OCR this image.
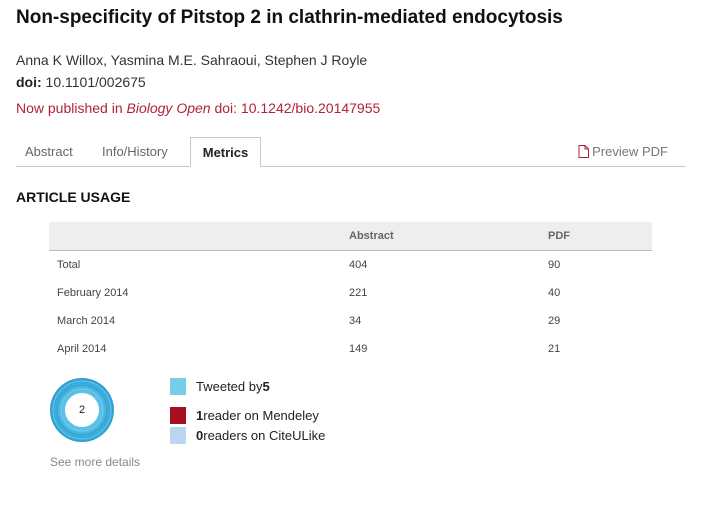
Non-specificity of Pitstop 2 in clathrin-mediated endocytosis
Anna K Willox, Yasmina M.E. Sahraoui, Stephen J Royle
doi: 10.1101/002675
Now published in Biology Open doi: 10.1242/bio.20147955
Abstract	Info/History	Metrics	Preview PDF
ARTICLE USAGE
	Abstract	PDF
Total	404	90
February 2014	221	40
March 2014	34	29
April 2014	149	21
2
See more details
Tweeted by 5
1 reader on Mendeley
0 readers on CiteULike
